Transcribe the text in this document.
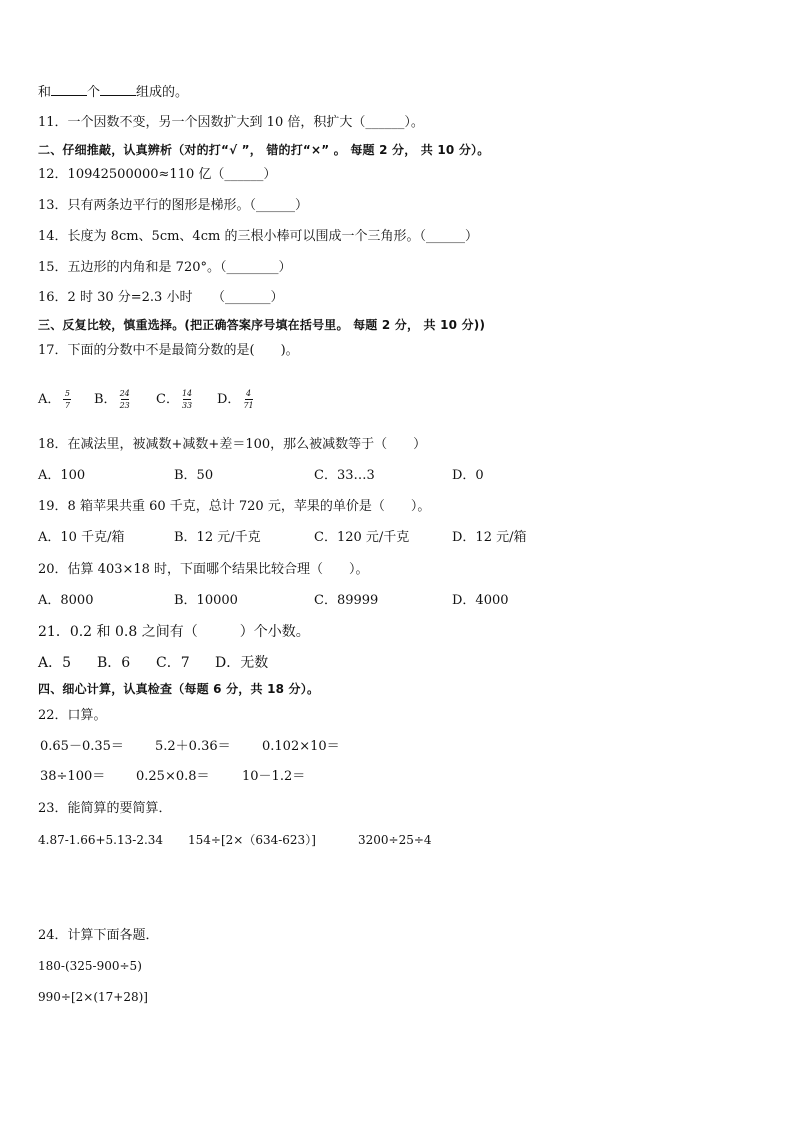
和	个	组成的。
11．一个因数不变，另一个因数扩大到 10 倍，积扩大（______）。
二、仔细推敲，认真辨析（对的打“√ ”， 错的打“×” 。 每题 2 分， 共 10 分）。
12．10942500000≈110 亿（______）
13．只有两条边平行的图形是梯形。（______）
14．长度为 8cm、5cm、4cm 的三根小棒可以围成一个三角形。（______）
15．五边形的内角和是 720°。（________）
16．2 时 30 分=2.3 小时　　（_______）
三、反复比较，慎重选择。(把正确答案序号填在括号里。 每题 2 分， 共 10 分))
17．下面的分数中不是最简分数的是(　　)。
A． $\frac{5}{7}$ B． $\frac{24}{23}$ C． $\frac{14}{33}$ D． $\frac{4}{71}$
18．在减法里，被减数+减数+差＝100，那么被减数等于（　　）
A．100	B．50	C．33…3	D．0
19．8 箱苹果共重 60 千克，总计 720 元，苹果的单价是（　　）。
A．10 千克/箱	B．12 元/千克	C．120 元/千克	D．12 元/箱
20．估算 403×18 时，下面哪个结果比较合理（　　）。
A．8000	B．10000	C．89999	D．4000
21．0.2 和 0.8 之间有（　　　）个小数。
A．5 B．6 C．7 D．无数
四、细心计算，认真检查（每题 6 分，共 18 分）。
22．口算。
0.65－0.35＝ 5.2＋0.36＝ 0.102×10＝
38÷100＝ 0.25×0.8＝ 10－1.2＝
23．能简算的要简算．
4.87-1.66+5.13-2.34 154÷[2×（634-623）]	3200÷25÷4
24．计算下面各题．
180-(325-900÷5)
990÷[2×(17+28)]
